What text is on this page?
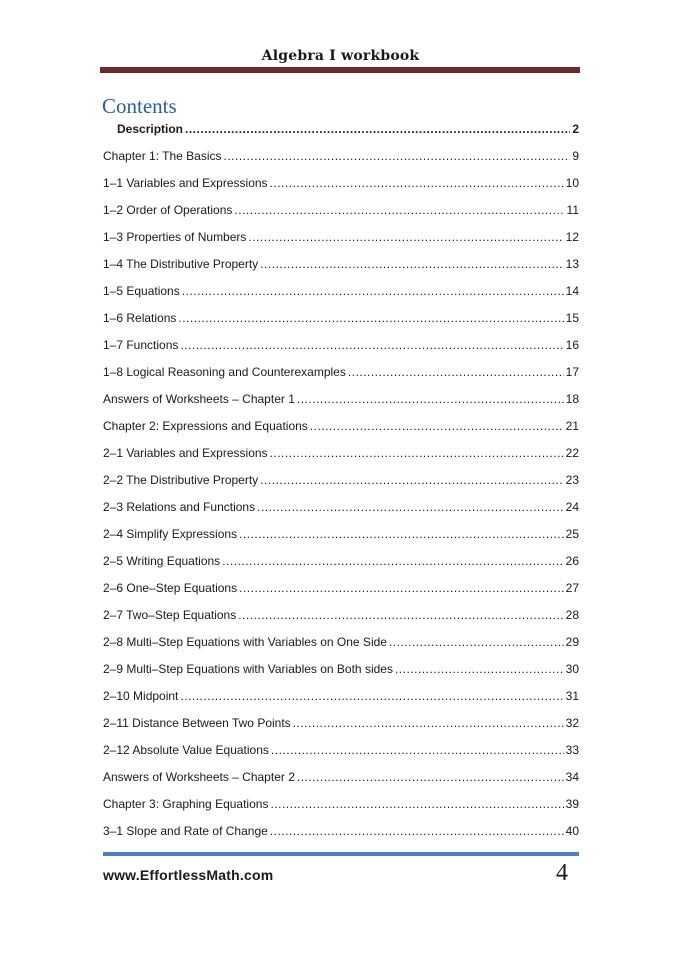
Algebra I workbook
Contents
Description .....	2
Chapter 1: The Basics .....	9
1–1 Variables and Expressions .....	10
1–2 Order of Operations .....	11
1–3 Properties of Numbers .....	12
1–4 The Distributive Property .....	13
1–5 Equations .....	14
1–6 Relations .....	15
1–7 Functions .....	16
1–8 Logical Reasoning and Counterexamples .....	17
Answers of Worksheets – Chapter 1 .....	18
Chapter 2: Expressions and Equations .....	21
2–1 Variables and Expressions .....	22
2–2 The Distributive Property .....	23
2–3 Relations and Functions .....	24
2–4 Simplify Expressions .....	25
2–5 Writing Equations .....	26
2–6 One–Step Equations .....	27
2–7 Two–Step Equations .....	28
2–8 Multi–Step Equations with Variables on One Side .....	29
2–9 Multi–Step Equations with Variables on Both sides .....	30
2–10 Midpoint .....	31
2–11 Distance Between Two Points .....	32
2–12 Absolute Value Equations .....	33
Answers of Worksheets – Chapter 2 .....	34
Chapter 3: Graphing Equations .....	39
3–1 Slope and Rate of Change .....	40
www.EffortlessMath.com	4
